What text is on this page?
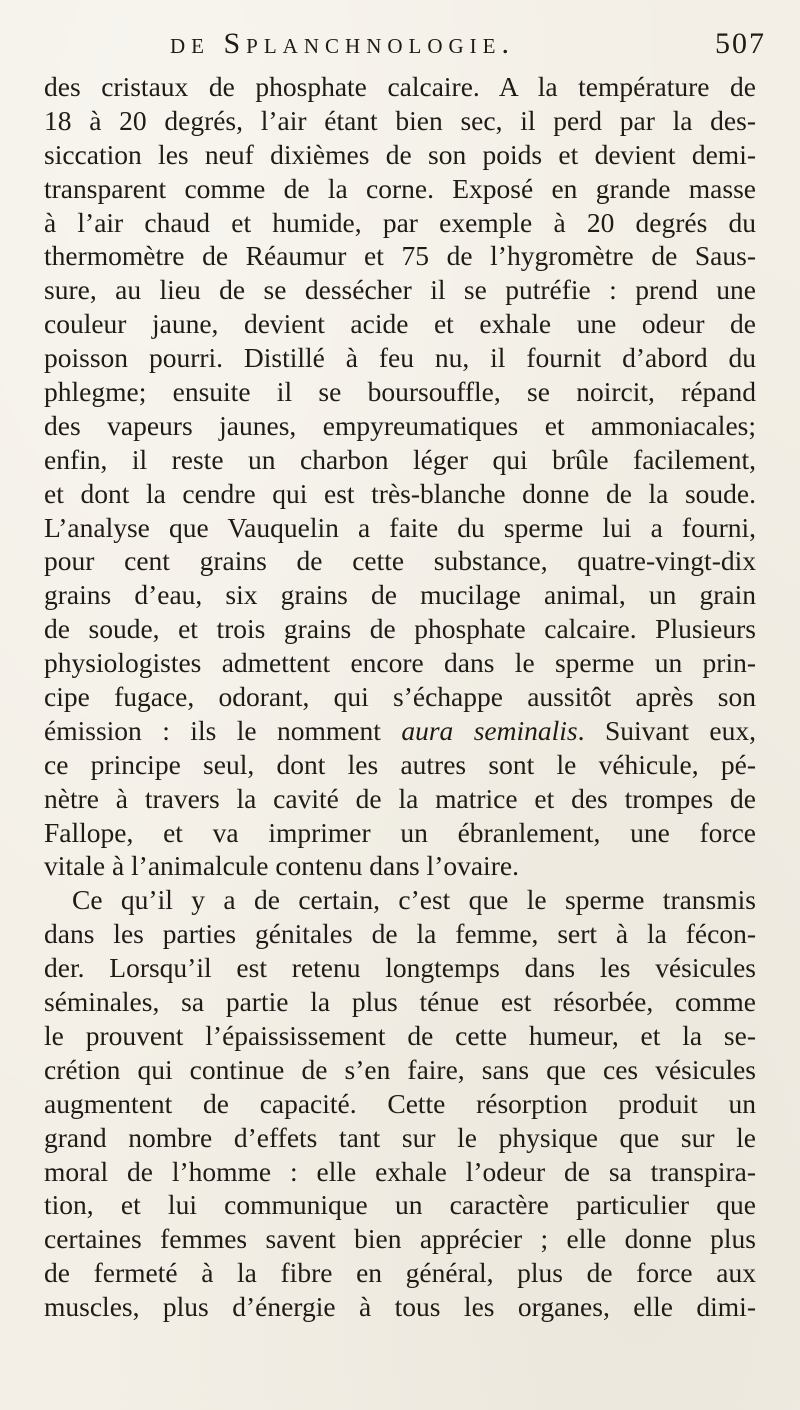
de Splanchnologie.	507
des cristaux de phosphate calcaire. A la température de
18 à 20 degrés, l’air étant bien sec, il perd par la des-
siccation les neuf dixièmes de son poids et devient demi-
transparent comme de la corne. Exposé en grande masse
à l’air chaud et humide, par exemple à 20 degrés du
thermomètre de Réaumur et 75 de l’hygromètre de Saus-
sure, au lieu de se dessécher il se putréfie : prend une
couleur jaune, devient acide et exhale une odeur de
poisson pourri. Distillé à feu nu, il fournit d’abord du
phlegme; ensuite il se boursouffle, se noircit, répand
des vapeurs jaunes, empyreumatiques et ammoniacales;
enfin, il reste un charbon léger qui brûle facilement,
et dont la cendre qui est très-blanche donne de la soude.
L’analyse que Vauquelin a faite du sperme lui a fourni,
pour cent grains de cette substance, quatre-vingt-dix
grains d’eau, six grains de mucilage animal, un grain
de soude, et trois grains de phosphate calcaire. Plusieurs
physiologistes admettent encore dans le sperme un prin-
cipe fugace, odorant, qui s’échappe aussitôt après son
émission : ils le nomment aura seminalis. Suivant eux,
ce principe seul, dont les autres sont le véhicule, pé-
nètre à travers la cavité de la matrice et des trompes de
Fallope, et va imprimer un ébranlement, une force
vitale à l’animalcule contenu dans l’ovaire.
Ce qu’il y a de certain, c’est que le sperme transmis
dans les parties génitales de la femme, sert à la fécon-
der. Lorsqu’il est retenu longtemps dans les vésicules
séminales, sa partie la plus ténue est résorbée, comme
le prouvent l’épaississement de cette humeur, et la se-
crétion qui continue de s’en faire, sans que ces vésicules
augmentent de capacité. Cette résorption produit un
grand nombre d’effets tant sur le physique que sur le
moral de l’homme : elle exhale l’odeur de sa transpira-
tion, et lui communique un caractère particulier que
certaines femmes savent bien apprécier ; elle donne plus
de fermeté à la fibre en général, plus de force aux
muscles, plus d’énergie à tous les organes, elle dimi-
